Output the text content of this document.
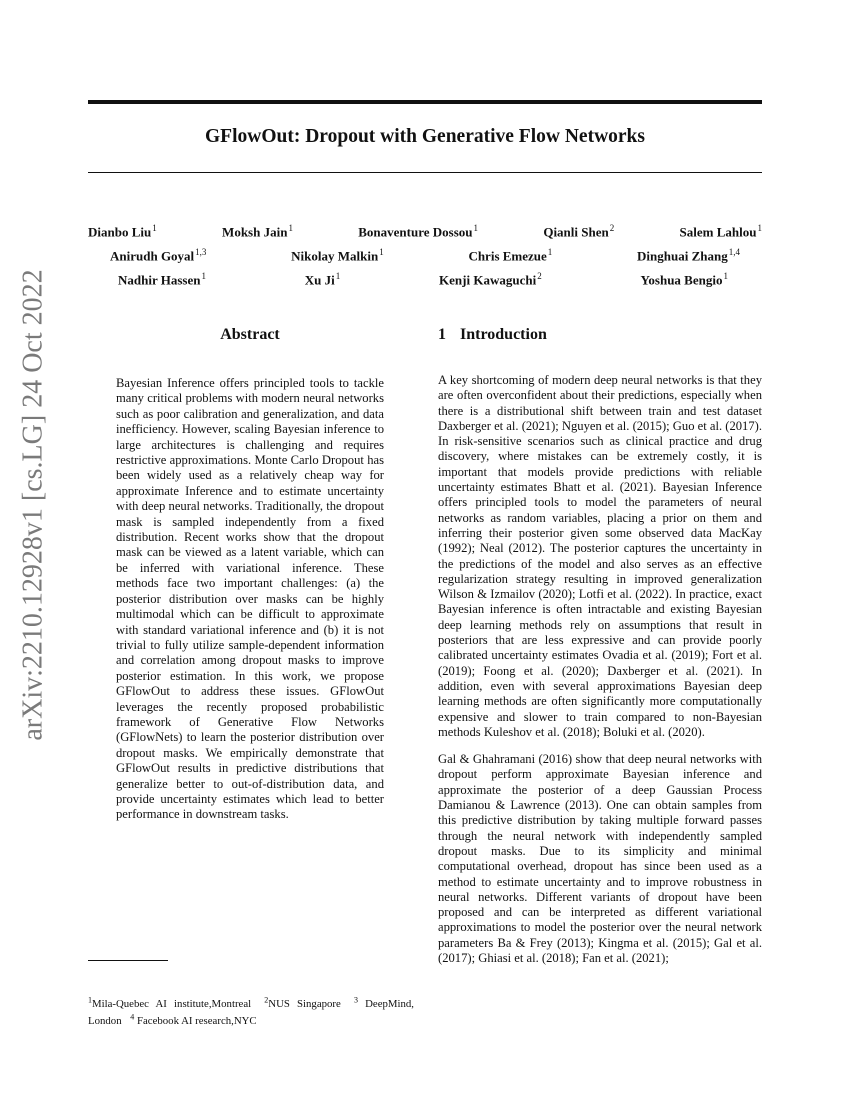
arXiv:2210.12928v1 [cs.LG] 24 Oct 2022
GFlowOut: Dropout with Generative Flow Networks
Dianbo Liu$^1$	Moksh Jain$^1$	Bonaventure Dossou$^1$	Qianli Shen$^2$	Salem Lahlou$^1$
Anirudh Goyal$^{1,3}$	Nikolay Malkin$^1$	Chris Emezue$^1$	Dinghuai Zhang$^{1,4}$
Nadhir Hassen$^1$	Xu Ji$^1$	Kenji Kawaguchi$^2$	Yoshua Bengio$^1$
Abstract
Bayesian Inference offers principled tools to tackle many critical problems with modern neural networks such as poor calibration and generalization, and data inefficiency. However, scaling Bayesian inference to large architectures is challenging and requires restrictive approximations. Monte Carlo Dropout has been widely used as a relatively cheap way for approximate Inference and to estimate uncertainty with deep neural networks. Traditionally, the dropout mask is sampled independently from a fixed distribution. Recent works show that the dropout mask can be viewed as a latent variable, which can be inferred with variational inference. These methods face two important challenges: (a) the posterior distribution over masks can be highly multimodal which can be difficult to approximate with standard variational inference and (b) it is not trivial to fully utilize sample-dependent information and correlation among dropout masks to improve posterior estimation. In this work, we propose GFlowOut to address these issues. GFlowOut leverages the recently proposed probabilistic framework of Generative Flow Networks (GFlowNets) to learn the posterior distribution over dropout masks. We empirically demonstrate that GFlowOut results in predictive distributions that generalize better to out-of-distribution data, and provide uncertainty estimates which lead to better performance in downstream tasks.
1 Introduction

A key shortcoming of modern deep neural networks is that they are often overconfident about their predictions, especially when there is a distributional shift between train and test dataset Daxberger et al. (2021); Nguyen et al. (2015); Guo et al. (2017). In risk-sensitive scenarios such as clinical practice and drug discovery, where mistakes can be extremely costly, it is important that models provide predictions with reliable uncertainty estimates Bhatt et al. (2021). Bayesian Inference offers principled tools to model the parameters of neural networks as random variables, placing a prior on them and inferring their posterior given some observed data MacKay (1992); Neal (2012). The posterior captures the uncertainty in the predictions of the model and also serves as an effective regularization strategy resulting in improved generalization Wilson & Izmailov (2020); Lotfi et al. (2022). In practice, exact Bayesian inference is often intractable and existing Bayesian deep learning methods rely on assumptions that result in posteriors that are less expressive and can provide poorly calibrated uncertainty estimates Ovadia et al. (2019); Fort et al. (2019); Foong et al. (2020); Daxberger et al. (2021). In addition, even with several approximations Bayesian deep learning methods are often significantly more computationally expensive and slower to train compared to non-Bayesian methods Kuleshov et al. (2018); Boluki et al. (2020).

Gal & Ghahramani (2016) show that deep neural networks with dropout perform approximate Bayesian inference and approximate the posterior of a deep Gaussian Process Damianou & Lawrence (2013). One can obtain samples from this predictive distribution by taking multiple forward passes through the neural network with independently sampled dropout masks. Due to its simplicity and minimal computational overhead, dropout has since been used as a method to estimate uncertainty and to improve robustness in neural networks. Different variants of dropout have been proposed and can be interpreted as different variational approximations to model the posterior over the neural network parameters Ba & Frey (2013); Kingma et al. (2015); Gal et al. (2017); Ghiasi et al. (2018); Fan et al. (2021);

$^1$Mila-Quebec AI institute,Montreal $^2$NUS Singapore $^3$ DeepMind, London $^4$ Facebook AI research,NYC
